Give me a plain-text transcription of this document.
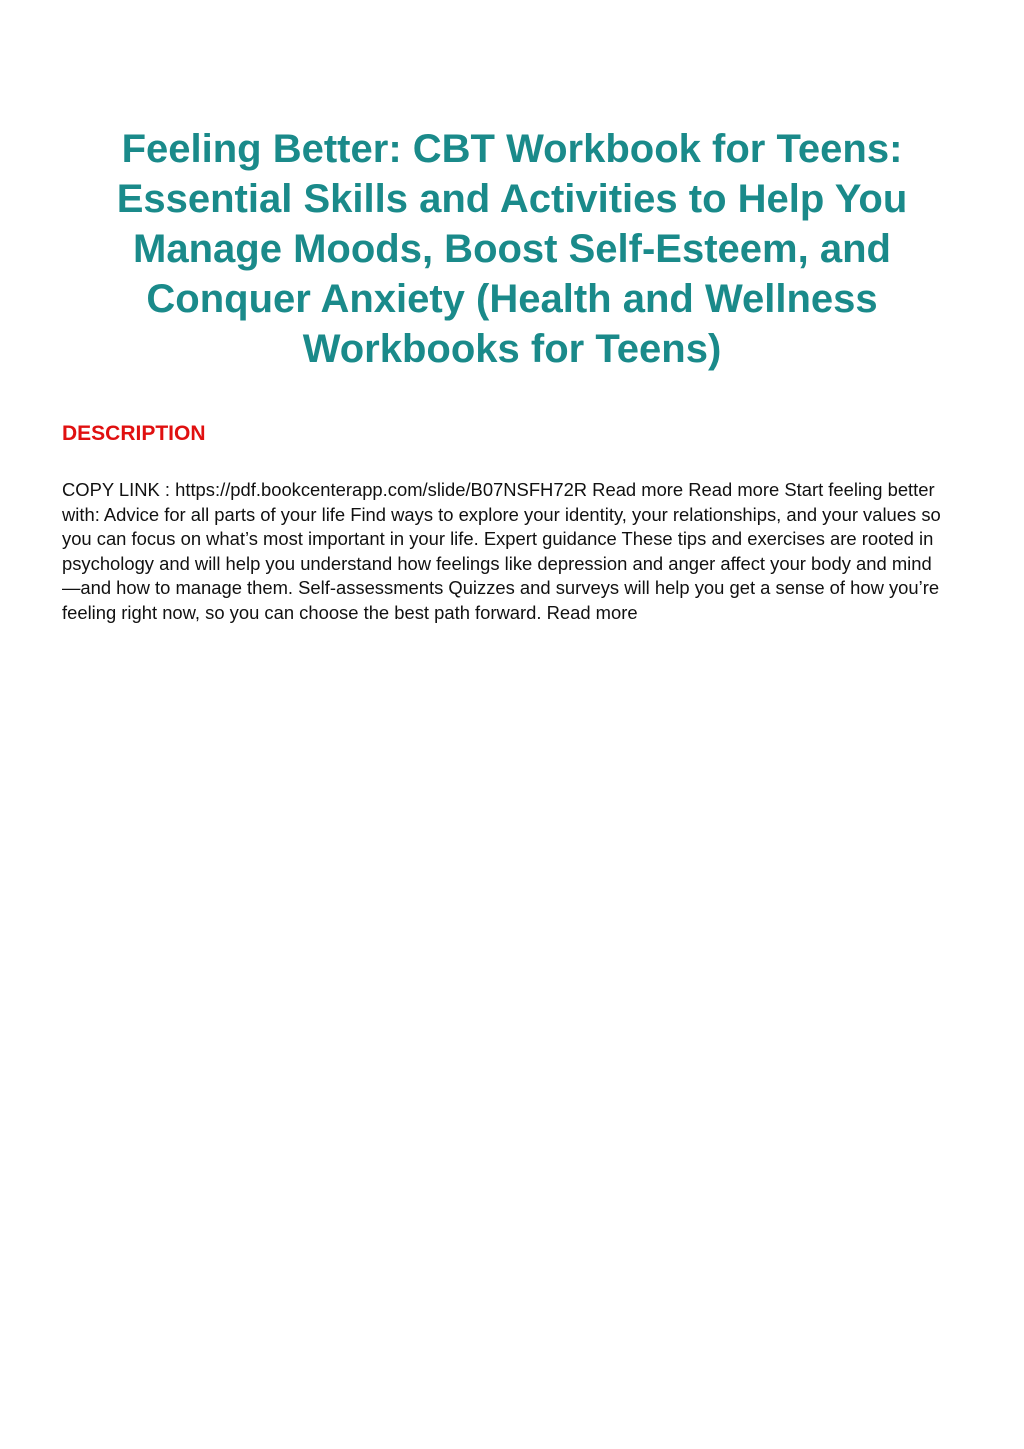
Feeling Better: CBT Workbook for Teens: Essential Skills and Activities to Help You Manage Moods, Boost Self-Esteem, and Conquer Anxiety (Health and Wellness Workbooks for Teens)
DESCRIPTION

COPY LINK : https://pdf.bookcenterapp.com/slide/B07NSFH72R Read more Read more Start feeling better with: Advice for all parts of your life Find ways to explore your identity, your relationships, and your values so you can focus on what’s most important in your life. Expert guidance These tips and exercises are rooted in psychology and will help you understand how feelings like depression and anger affect your body and mind—and how to manage them. Self-assessments Quizzes and surveys will help you get a sense of how you’re feeling right now, so you can choose the best path forward. Read more
